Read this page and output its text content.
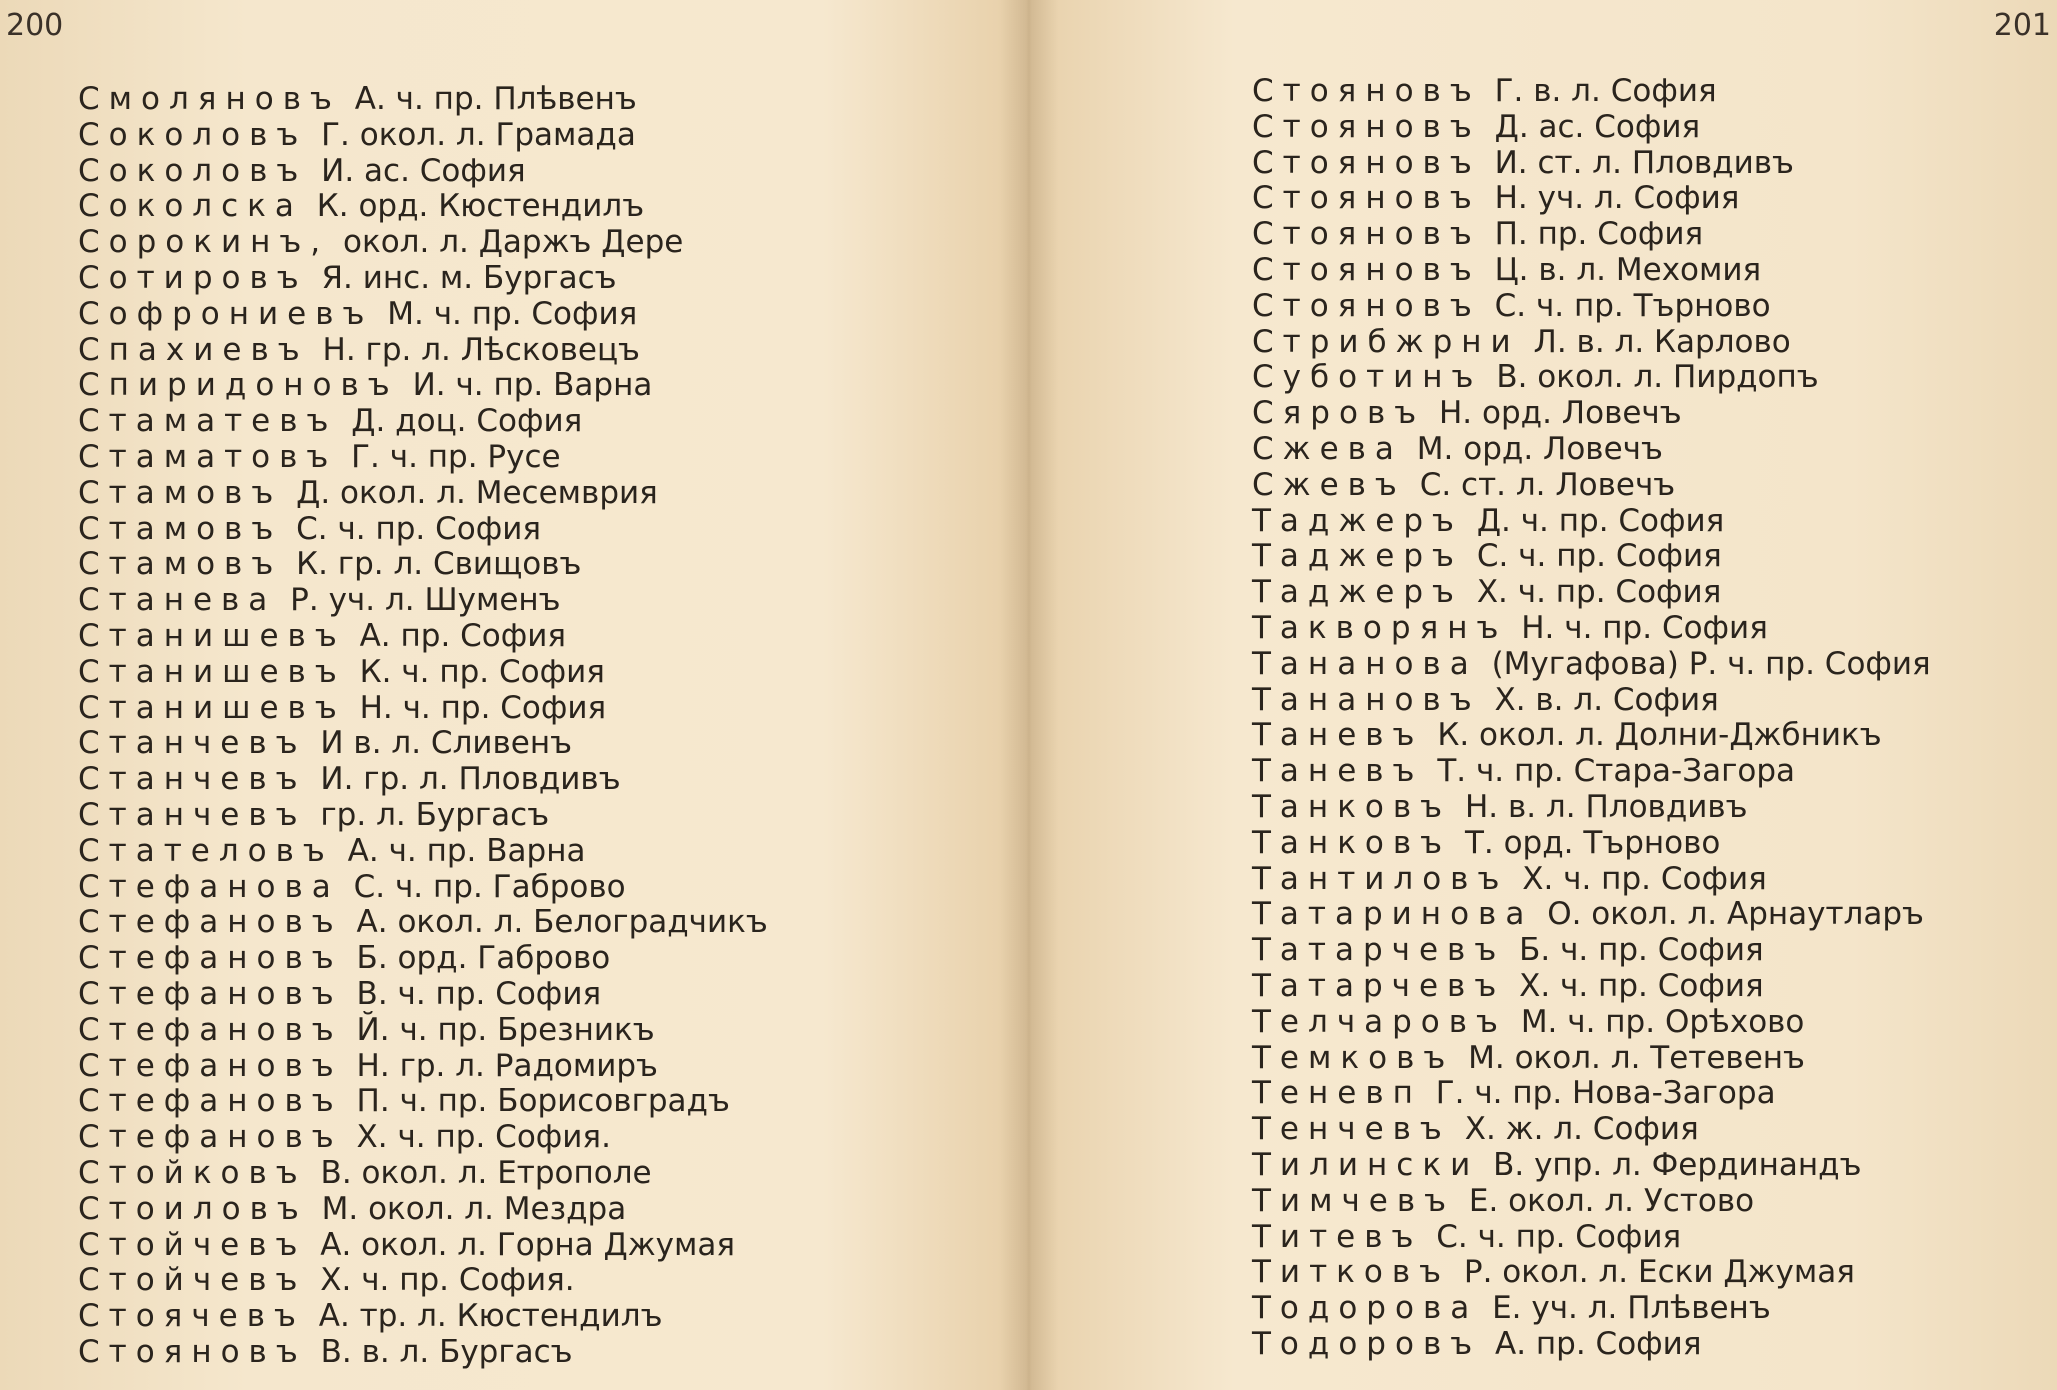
200
Смоляновъ А. ч. пр. Плѣвенъ
Соколовъ Г. окол. л. Грамада
Соколовъ И. ас. София
Соколска К. орд. Кюстендилъ
Сорокинъ, окол. л. Даржъ Дере
Сотировъ Я. инс. м. Бургасъ
Софрониевъ М. ч. пр. София
Спахиевъ Н. гр. л. Лѣсковецъ
Спиридоновъ И. ч. пр. Варна
Стаматевъ Д. доц. София
Стаматовъ Г. ч. пр. Русе
Стамовъ Д. окол. л. Месемврия
Стамовъ С. ч. пр. София
Стамовъ К. гр. л. Свищовъ
Станева Р. уч. л. Шуменъ
Станишевъ А. пр. София
Станишевъ К. ч. пр. София
Станишевъ Н. ч. пр. София
Станчевъ И в. л. Сливенъ
Станчевъ И. гр. л. Пловдивъ
Станчевъ гр. л. Бургасъ
Стателовъ А. ч. пр. Варна
Стефанова С. ч. пр. Габрово
Стефановъ А. окол. л. Белоградчикъ
Стефановъ Б. орд. Габрово
Стефановъ В. ч. пр. София
Стефановъ Й. ч. пр. Брезникъ
Стефановъ Н. гр. л. Радомиръ
Стефановъ П. ч. пр. Борисовградъ
Стефановъ Х. ч. пр. София.
Стойковъ В. окол. л. Етрополе
Стоиловъ М. окол. л. Мездра
Стойчевъ А. окол. л. Горна Джумая
Стойчевъ Х. ч. пр. София.
Стоячевъ А. тр. л. Кюстендилъ
Стояновъ В. в. л. Бургасъ
201
Стояновъ Г. в. л. София
Стояновъ Д. ас. София
Стояновъ И. ст. л. Пловдивъ
Стояновъ Н. уч. л. София
Стояновъ П. пр. София
Стояновъ Ц. в. л. Мехомия
Стояновъ С. ч. пр. Търново
Стрибжрни Л. в. л. Карлово
Суботинъ В. окол. л. Пирдопъ
Сяровъ Н. орд. Ловечъ
Сжева М. орд. Ловечъ
Сжевъ С. ст. л. Ловечъ
Таджеръ Д. ч. пр. София
Таджеръ С. ч. пр. София
Таджеръ Х. ч. пр. София
Такворянъ Н. ч. пр. София
Тананова (Мугафова) Р. ч. пр. София
Танановъ Х. в. л. София
Таневъ К. окол. л. Долни-Джбникъ
Таневъ Т. ч. пр. Стара-Загора
Танковъ Н. в. л. Пловдивъ
Танковъ Т. орд. Търново
Тантиловъ Х. ч. пр. София
Татаринова О. окол. л. Арнаутларъ
Татарчевъ Б. ч. пр. София
Татарчевъ Х. ч. пр. София
Телчаровъ М. ч. пр. Орѣхово
Темковъ М. окол. л. Тетевенъ
Теневп Г. ч. пр. Нова-Загора
Тенчевъ Х. ж. л. София
Тилински В. упр. л. Фердинандъ
Тимчевъ Е. окол. л. Устово
Титевъ С. ч. пр. София
Титковъ Р. окол. л. Ески Джумая
Тодорова Е. уч. л. Плѣвенъ
Тодоровъ А. пр. София
